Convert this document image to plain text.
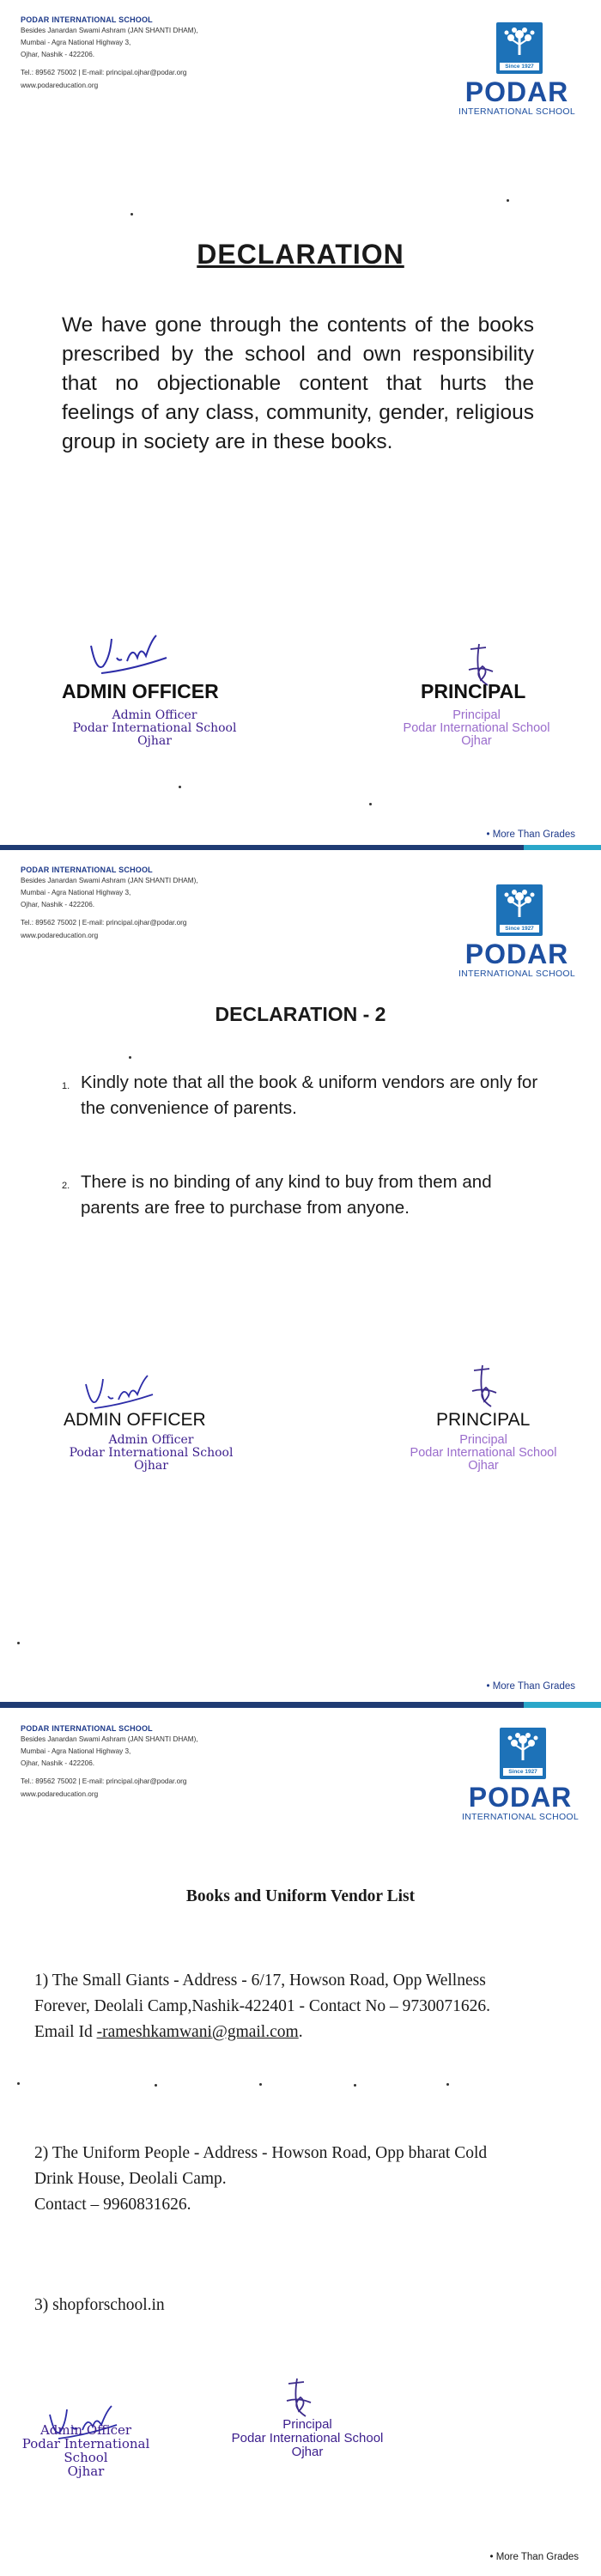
PODAR INTERNATIONAL SCHOOL
Besides Janardan Swami Ashram (JAN SHANTI DHAM),
Mumbai - Agra National Highway 3,
Ojhar, Nashik - 422206.
Tel.: 89562 75002 | E-mail: principal.ojhar@podar.org
www.podareducation.org
Since 1927
PODAR
INTERNATIONAL SCHOOL
DECLARATION
We have gone through the contents of the books prescribed by the school and own responsibility that no objectionable content that hurts the feelings of any class, community, gender, religious group in society are in these books.
ADMIN OFFICER
Admin Officer
Podar International School
Ojhar
PRINCIPAL
Principal
Podar International School
Ojhar
• More Than Grades
PODAR INTERNATIONAL SCHOOL
Besides Janardan Swami Ashram (JAN SHANTI DHAM),
Mumbai - Agra National Highway 3,
Ojhar, Nashik - 422206.
Tel.: 89562 75002 | E-mail: principal.ojhar@podar.org
www.podareducation.org
Since 1927
PODAR
INTERNATIONAL SCHOOL
DECLARATION - 2
1. Kindly note that all the book & uniform vendors are only for the convenience of parents.
2. There is no binding of any kind to buy from them and parents are free to purchase from anyone.
ADMIN OFFICER
Admin Officer
Podar International School
Ojhar
PRINCIPAL
Principal
Podar International School
Ojhar
• More Than Grades
PODAR INTERNATIONAL SCHOOL
Besides Janardan Swami Ashram (JAN SHANTI DHAM),
Mumbai - Agra National Highway 3,
Ojhar, Nashik - 422206.
Tel.: 89562 75002 | E-mail: principal.ojhar@podar.org
www.podareducation.org
Since 1927
PODAR
INTERNATIONAL SCHOOL
Books and Uniform Vendor List
1) The Small Giants - Address - 6/17, Howson Road, Opp Wellness
Forever, Deolali Camp,Nashik-422401 - Contact No – 9730071626.
Email Id -rameshkamwani@gmail.com.
2) The Uniform People - Address - Howson Road, Opp bharat Cold
Drink House, Deolali Camp.
Contact – 9960831626.
3) shopforschool.in
Admin Officer
Podar International School
Ojhar
Principal
Podar International School
Ojhar
• More Than Grades
